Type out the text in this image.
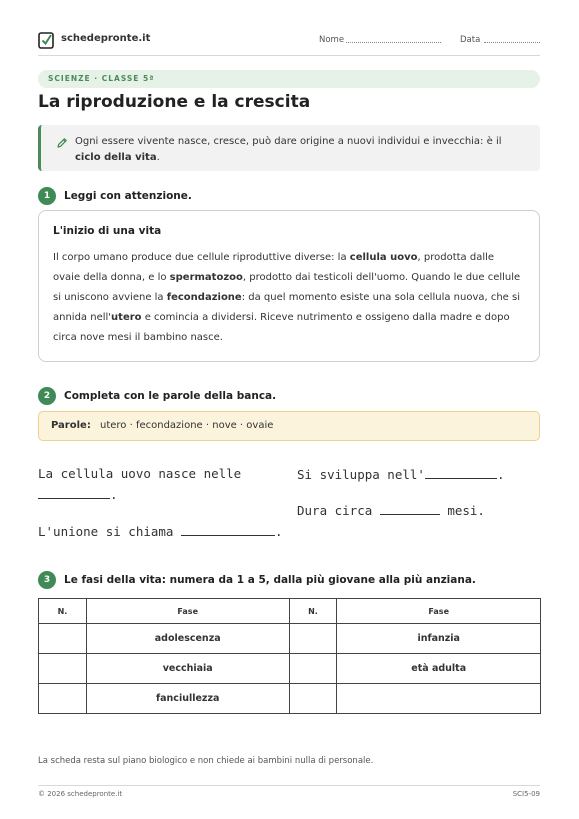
schedepronte.it	Nome	Data
SCIENZE · CLASSE 5ª
La riproduzione e la crescita
Ogni essere vivente nasce, cresce, può dare origine a nuovi individui e invecchia: è il ciclo della vita.
1	Leggi con attenzione.
L'inizio di una vita
Il corpo umano produce due cellule riproduttive diverse: la cellula uovo, prodotta dalle ovaie della donna, e lo spermatozoo, prodotto dai testicoli dell'uomo. Quando le due cellule si uniscono avviene la fecondazione: da quel momento esiste una sola cellula nuova, che si annida nell'utero e comincia a dividersi. Riceve nutrimento e ossigeno dalla madre e dopo circa nove mesi il bambino nasce.
2	Completa con le parole della banca.
Parole: utero · fecondazione · nove · ovaie
La cellula uovo nasce nelle
.
L'unione si chiama	.
Si sviluppa nell'	.
Dura circa	mesi.
3	Le fasi della vita: numera da 1 a 5, dalla più giovane alla più anziana.
N.	Fase	N.	Fase
	adolescenza		infanzia
	vecchiaia		età adulta
	fanciullezza		
La scheda resta sul piano biologico e non chiede ai bambini nulla di personale.
© 2026 schedepronte.it	SCI5-09
